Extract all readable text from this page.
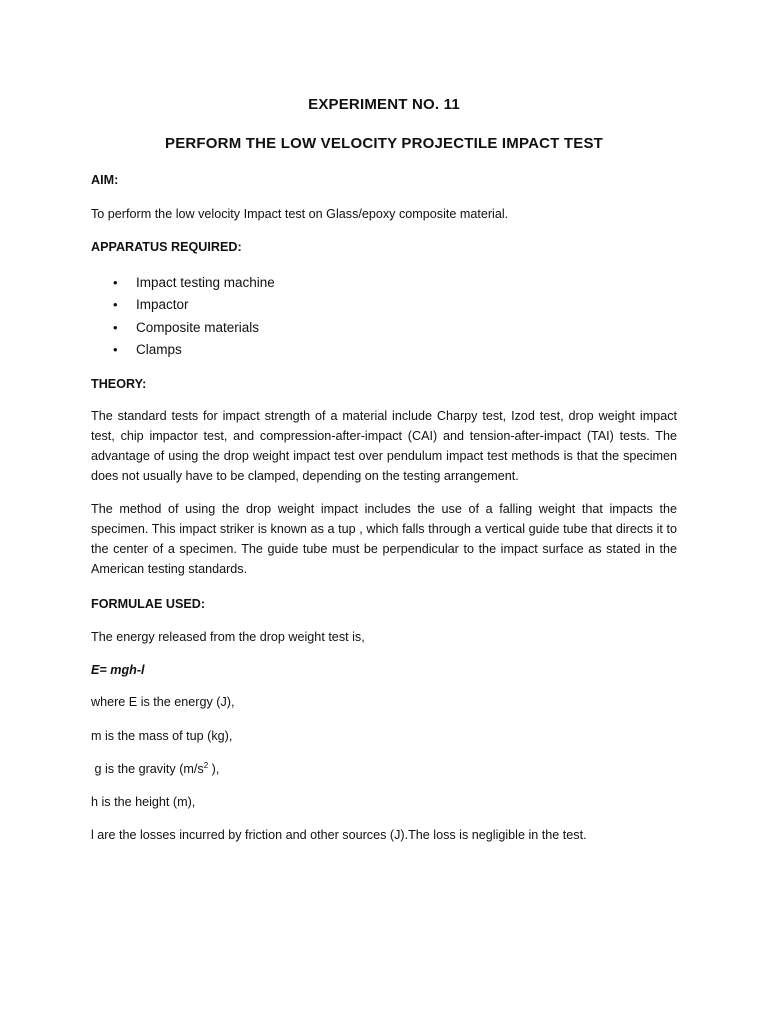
EXPERIMENT NO. 11
PERFORM THE LOW VELOCITY PROJECTILE IMPACT TEST
AIM:
To perform the low velocity Impact test on Glass/epoxy composite material.
APPARATUS REQUIRED:
• Impact testing machine
• Impactor
• Composite materials
• Clamps
THEORY:
The standard tests for impact strength of a material include Charpy test, Izod test, drop weight impact test, chip impactor test, and compression-after-impact (CAI) and tension-after-impact (TAI) tests. The advantage of using the drop weight impact test over pendulum impact test methods is that the specimen does not usually have to be clamped, depending on the testing arrangement.
The method of using the drop weight impact includes the use of a falling weight that impacts the specimen. This impact striker is known as a tup , which falls through a vertical guide tube that directs it to the center of a specimen. The guide tube must be perpendicular to the impact surface as stated in the American testing standards.
FORMULAE USED:
The energy released from the drop weight test is,
E= mgh-l
where E is the energy (J),
m is the mass of tup (kg),
g is the gravity ($m/s^2$ ),
h is the height (m),
l are the losses incurred by friction and other sources (J).The loss is negligible in the test.
